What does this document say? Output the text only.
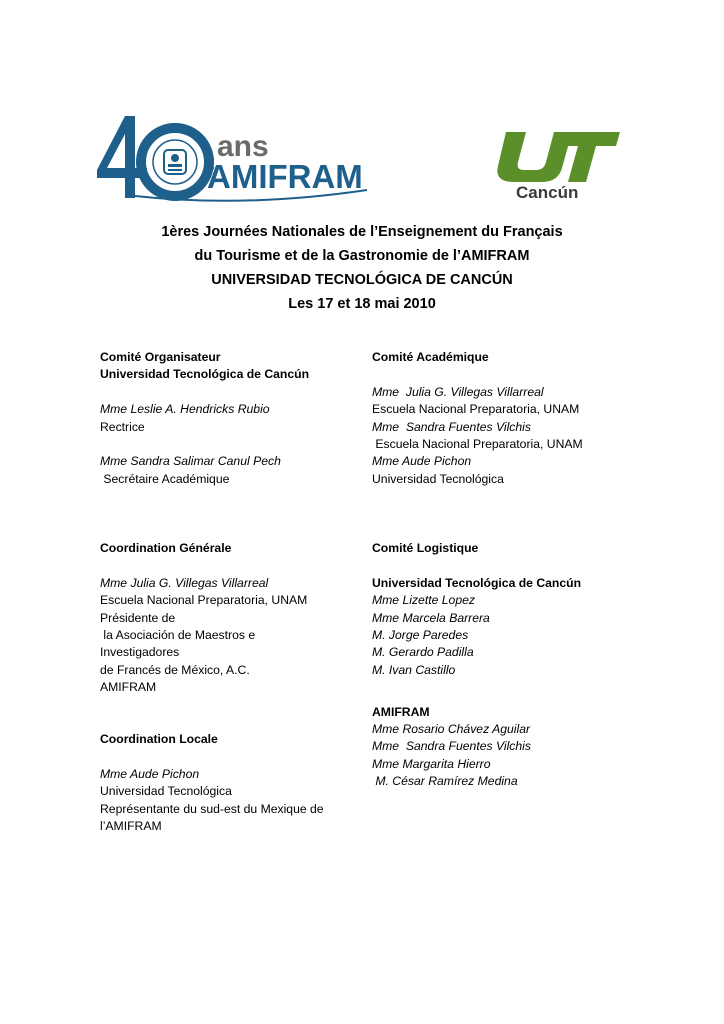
ans
AMIFRAM	Cancún
1ères Journées Nationales de l’Enseignement du Français
du Tourisme et de la Gastronomie de l’AMIFRAM
UNIVERSIDAD TECNOLÓGICA DE CANCÚN
Les 17 et 18 mai 2010
Comité Organisateur
Universidad Tecnológica de Cancún
Mme Leslie A. Hendricks Rubio
Rectrice
Mme Sandra Salimar Canul Pech
Secrétaire Académique
Comité Académique
Mme  Julia G. Villegas Villarreal
Escuela Nacional Preparatoria, UNAM
Mme  Sandra Fuentes Vilchis
Escuela Nacional Preparatoria, UNAM
Mme Aude Pichon
Universidad Tecnológica
Coordination Générale
Mme Julia G. Villegas Villarreal
Escuela Nacional Preparatoria, UNAM
Présidente de
la Asociación de Maestros e
Investigadores
de Francés de México, A.C.
AMIFRAM
Comité Logistique
Universidad Tecnológica de Cancún
Mme Lizette Lopez
Mme Marcela Barrera
M. Jorge Paredes
M. Gerardo Padilla
M. Ivan Castillo
AMIFRAM
Mme Rosario Chávez Aguilar
Mme  Sandra Fuentes Vilchis
Mme Margarita Hierro
M. César Ramírez Medina
Coordination Locale
Mme Aude Pichon
Universidad Tecnológica
Représentante du sud-est du Mexique de
l’AMIFRAM
